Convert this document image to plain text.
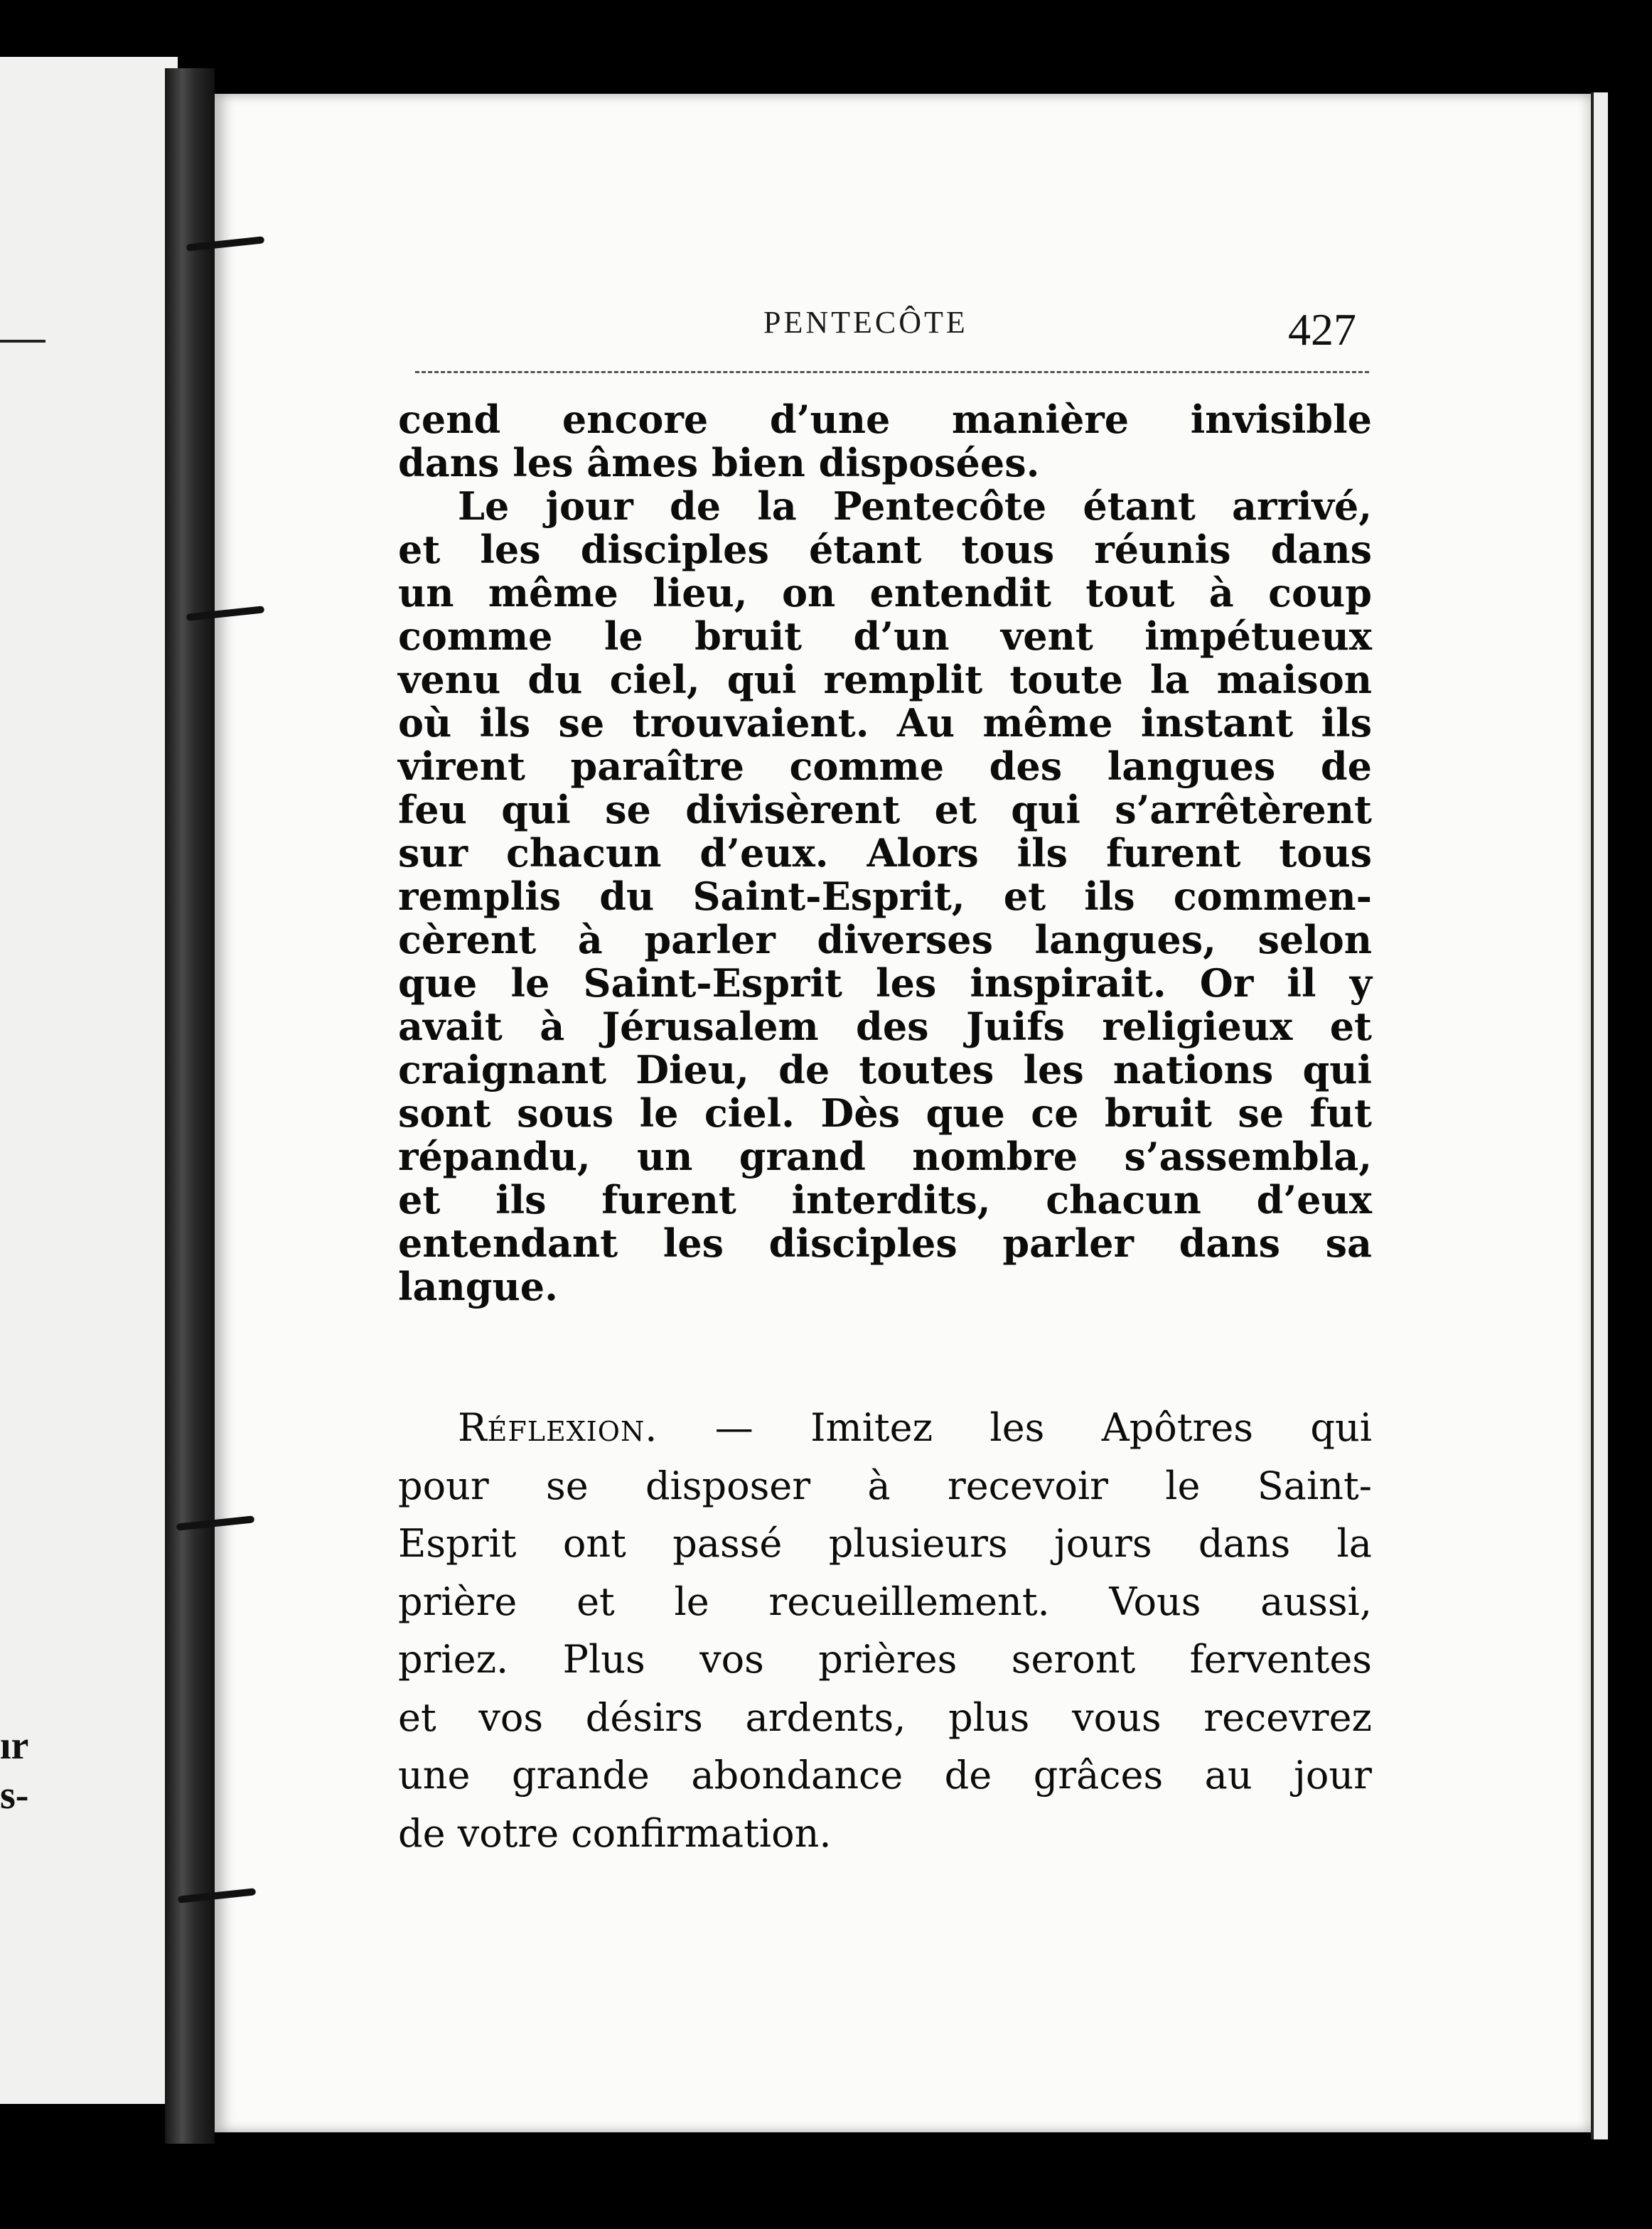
ır
s-
PENTECÔTE	427
cend encore d’une manière invisible
dans les âmes bien disposées.
Le jour de la Pentecôte étant arrivé,
et les disciples étant tous réunis dans
un même lieu, on entendit tout à coup
comme le bruit d’un vent impétueux
venu du ciel, qui remplit toute la maison
où ils se trouvaient. Au même instant ils
virent paraître comme des langues de
feu qui se divisèrent et qui s’arrêtèrent
sur chacun d’eux. Alors ils furent tous
remplis du Saint-Esprit, et ils commen-
cèrent à parler diverses langues, selon
que le Saint-Esprit les inspirait. Or il y
avait à Jérusalem des Juifs religieux et
craignant Dieu, de toutes les nations qui
sont sous le ciel. Dès que ce bruit se fut
répandu, un grand nombre s’assembla,
et ils furent interdits, chacun d’eux
entendant les disciples parler dans sa
langue.
Réflexion. — Imitez les Apôtres qui
pour se disposer à recevoir le Saint-
Esprit ont passé plusieurs jours dans la
prière et le recueillement. Vous aussi,
priez. Plus vos prières seront ferventes
et vos désirs ardents, plus vous recevrez
une grande abondance de grâces au jour
de votre confirmation.
